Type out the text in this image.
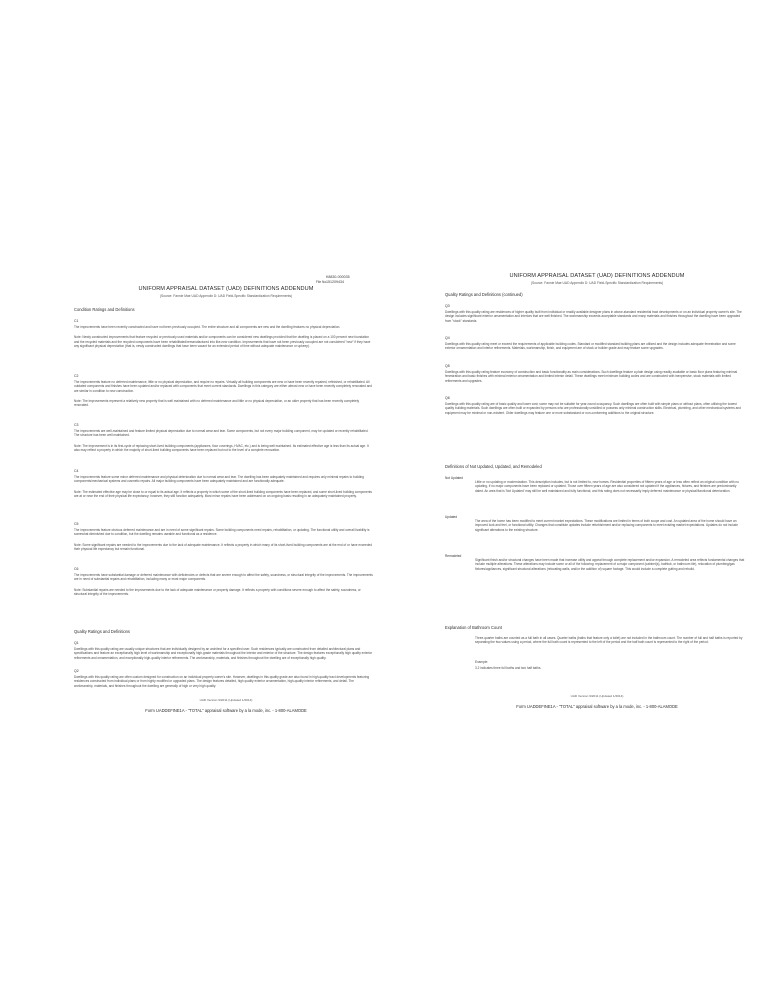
File No.
K8830-000035
151209434
UNIFORM APPRAISAL DATASET (UAD) DEFINITIONS ADDENDUM
(Source: Fannie Mae UAD Appendix D: UAD Field-Specific Standardization Requirements)
Condition Ratings and Definitions
C1

The improvements have been recently constructed and have not been previously occupied. The entire structure and all components are new and the dwelling features no physical depreciation.

Note: Newly constructed improvements that feature recycled or previously used materials and/or components can be considered new dwellings provided that the dwelling is placed on a 100 percent new foundation and the recycled materials and the recycled components have been rehabilitated/remanufactured into like-new condition. Improvements that have not been previously occupied are not considered "new" if they have any significant physical depreciation (that is, newly constructed dwellings that have been vacant for an extended period of time without adequate maintenance or upkeep).

C2

The improvements feature no deferred maintenance, little or no physical depreciation, and require no repairs. Virtually all building components are new or have been recently repaired, refinished, or rehabilitated. All outdated components and finishes have been updated and/or replaced with components that meet current standards. Dwellings in this category are either almost new or have been recently completely renovated and are similar in condition to new construction.

Note: The improvements represent a relatively new property that is well maintained with no deferred maintenance and little or no physical depreciation, or an older property that has been recently completely renovated.

C3

The improvements are well-maintained and feature limited physical depreciation due to normal wear and tear. Some components, but not every major building component, may be updated or recently rehabilitated. The structure has been well maintained.

Note: The improvement is in its first-cycle of replacing short-lived building components (appliances, floor coverings, HVAC, etc.) and is being well maintained. Its estimated effective age is less than its actual age. It also may reflect a property in which the majority of short-lived building components have been replaced but not to the level of a complete renovation.

C4

The improvements feature some minor deferred maintenance and physical deterioration due to normal wear and tear. The dwelling has been adequately maintained and requires only minimal repairs to building components/mechanical systems and cosmetic repairs. All major building components have been adequately maintained and are functionally adequate.

Note: The estimated effective age may be close to or equal to its actual age. It reflects a property in which some of the short-lived building components have been replaced, and some short-lived building components are at or near the end of their physical life expectancy; however, they still function adequately. Most minor repairs have been addressed on an ongoing basis resulting in an adequately maintained property.

C5

The improvements feature obvious deferred maintenance and are in need of some significant repairs. Some building components need repairs, rehabilitation, or updating. The functional utility and overall livability is somewhat diminished due to condition, but the dwelling remains useable and functional as a residence.

Note: Some significant repairs are needed to the improvements due to the lack of adequate maintenance. It reflects a property in which many of its short-lived building components are at the end of or have exceeded their physical life expectancy but remain functional.

C6

The improvements have substantial damage or deferred maintenance with deficiencies or defects that are severe enough to affect the safety, soundness, or structural integrity of the improvements. The improvements are in need of substantial repairs and rehabilitation, including many or most major components.

Note: Substantial repairs are needed to the improvements due to the lack of adequate maintenance or property damage. It reflects a property with conditions severe enough to affect the safety, soundness, or structural integrity of the improvements.

Quality Ratings and Definitions
Q1

Dwellings with this quality rating are usually unique structures that are individually designed by an architect for a specified user. Such residences typically are constructed from detailed architectural plans and specifications and feature an exceptionally high level of workmanship and exceptionally high-grade materials throughout the interior and exterior of the structure. The design features exceptionally high quality exterior refinements and ornamentation, and exceptionally high-quality interior refinements. The workmanship, materials, and finishes throughout the dwelling are of exceptionally high quality.

Q2

Dwellings with this quality rating are often custom designed for construction on an individual property owner's site. However, dwellings in this quality grade are also found in high-quality tract developments featuring residences constructed from individual plans or from highly modified or upgraded plans. The design features detailed, high quality exterior ornamentation, high-quality interior refinements, and detail. The workmanship, materials, and finishes throughout the dwelling are generally of high or very high quality.

UAD Version 9/2011 (Updated 1/2014)
Form UADDEFINE1A - "TOTAL" appraisal software by a la mode, inc. - 1-800-ALAMODE
UNIFORM APPRAISAL DATASET (UAD) DEFINITIONS ADDENDUM
(Source: Fannie Mae UAD Appendix D: UAD Field-Specific Standardization Requirements)
Quality Ratings and Definitions (continued)
Q3

Dwellings with this quality rating are residences of higher quality built from individual or readily available designer plans in above-standard residential tract developments or on an individual property owner's site. The design includes significant exterior ornamentation and interiors that are well finished. The workmanship exceeds acceptable standards and many materials and finishes throughout the dwelling have been upgraded from "stock" standards.

Q4

Dwellings with this quality rating meet or exceed the requirements of applicable building codes. Standard or modified standard building plans are utilized and the design includes adequate fenestration and some exterior ornamentation and interior refinements. Materials, workmanship, finish, and equipment are of stock or builder grade and may feature some upgrades.

Q5

Dwellings with this quality rating feature economy of construction and basic functionality as main considerations. Such dwellings feature a plain design using readily available or basic floor plans featuring minimal fenestration and basic finishes with minimal exterior ornamentation and limited interior detail. These dwellings meet minimum building codes and are constructed with inexpensive, stock materials with limited refinements and upgrades.

Q6

Dwellings with this quality rating are of basic quality and lower cost; some may not be suitable for year-round occupancy. Such dwellings are often built with simple plans or without plans, often utilizing the lowest quality building materials. Such dwellings are often built or expanded by persons who are professionally unskilled or possess only minimal construction skills. Electrical, plumbing, and other mechanical systems and equipment may be minimal or non-existent. Older dwellings may feature one or more substandard or non-conforming additions to the original structure.

Definitions of Not Updated, Updated, and Remodeled
Not Updated

Little or no updating or modernization. This description includes, but is not limited to, new homes. Residential properties of fifteen years of age or less often reflect an original condition with no updating, if no major components have been replaced or updated. Those over fifteen years of age are also considered not updated if the appliances, fixtures, and finishes are predominantly dated. An area that is 'Not Updated' may still be well maintained and fully functional, and this rating does not necessarily imply deferred maintenance or physical/functional deterioration.

Updated

The area of the home has been modified to meet current market expectations. These modifications are limited in terms of both scope and cost. An updated area of the home should have an improved look and feel, or functional utility. Changes that constitute updates include refurbishment and/or replacing components to meet existing market expectations. Updates do not include significant alterations to the existing structure.

Remodeled

Significant finish and/or structural changes have been made that increase utility and appeal through complete replacement and/or expansion. A remodeled area reflects fundamental changes that include multiple alterations. These alterations may include some or all of the following: replacement of a major component (cabinet(s), bathtub, or bathroom tile), relocation of plumbing/gas fixtures/appliances, significant structural alterations (relocating walls, and/or the addition of) square footage. This would include a complete gutting and rebuild.

Explanation of Bathroom Count

Three-quarter baths are counted as a full bath in all cases. Quarter baths (baths that feature only a toilet) are not included in the bathroom count. The number of full and half baths is reported by separating the two values using a period, where the full bath count is represented to the left of the period and the half bath count is represented to the right of the period.

Example:

3.2 indicates three full baths and two half baths.

UAD Version 9/2011 (Updated 1/2014)
Form UADDEFINE1A - "TOTAL" appraisal software by a la mode, inc. - 1-800-ALAMODE
